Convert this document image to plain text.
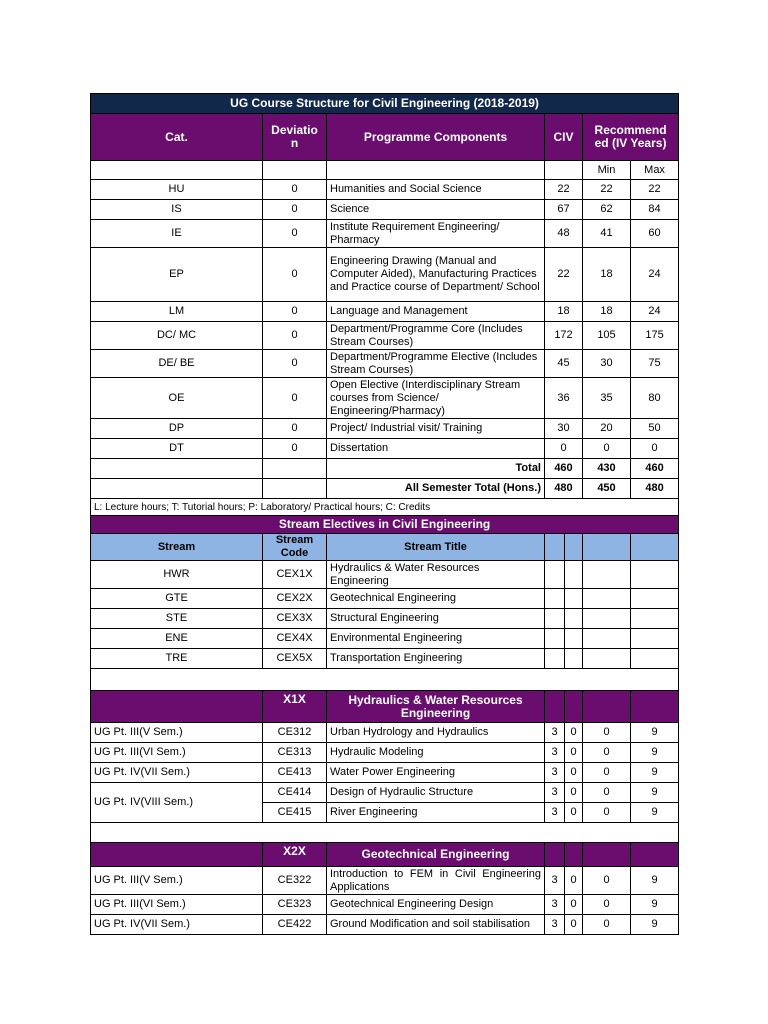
UG Course Structure for Civil Engineering (2018-2019)						
Cat.	Deviatio n	Programme Components	CIV		Recommend ed (IV Years)	
					Min	Max
HU	0	Humanities and Social Science	22		22	22
IS	0	Science	67		62	84
IE	0	Institute Requirement Engineering/ Pharmacy	48		41	60
EP	0	Engineering Drawing (Manual and Computer Aided), Manufacturing Practices and Practice course of Department/ School	22		18	24
LM	0	Language and Management	18		18	24
DC/ MC	0	Department/Programme Core (Includes Stream Courses)	172		105	175
DE/ BE	0	Department/Programme Elective (Includes Stream Courses)	45		30	75
OE	0	Open Elective (Interdisciplinary Stream courses from Science/ Engineering/Pharmacy)	36		35	80
DP	0	Project/ Industrial visit/ Training	30		20	50
DT	0	Dissertation	0		0	0
		Total	460		430	460
		All Semester Total (Hons.)	480		450	480
L: Lecture hours; T: Tutorial hours; P: Laboratory/ Practical hours; C: Credits						
Stream Electives in Civil Engineering						
Stream	Stream Code	Stream Title				
HWR	CEX1X	Hydraulics & Water Resources Engineering				
GTE	CEX2X	Geotechnical Engineering				
STE	CEX3X	Structural Engineering				
ENE	CEX4X	Environmental Engineering				
TRE	CEX5X	Transportation Engineering				

	X1X	Hydraulics & Water Resources Engineering				
UG Pt. III(V Sem.)	CE312	Urban Hydrology and Hydraulics	3	0	0	9
UG Pt. III(VI Sem.)	CE313	Hydraulic Modeling	3	0	0	9
UG Pt. IV(VII Sem.)	CE413	Water Power Engineering	3	0	0	9
UG Pt. IV(VIII Sem.)	CE414	Design of Hydraulic Structure	3	0	0	9
	CE415	River Engineering	3	0	0	9

	X2X	Geotechnical Engineering				
UG Pt. III(V Sem.)	CE322	Introduction to FEM in Civil Engineering Applications	3	0	0	9
UG Pt. III(VI Sem.)	CE323	Geotechnical Engineering Design	3	0	0	9
UG Pt. IV(VII Sem.)	CE422	Ground Modification and soil stabilisation	3	0	0	9
